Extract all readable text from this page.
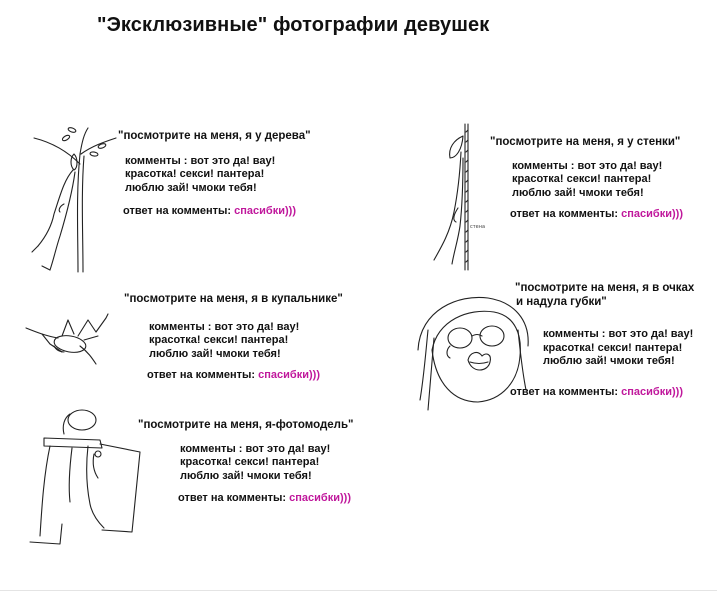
"Эксклюзивные" фотографии девушек
"посмотрите на меня, я у дерева"
комменты : вот это да! вау!
красотка! секси! пантера!
люблю зай! чмоки тебя!
ответ на комменты: спасибки)))
стена
"посмотрите на меня, я у стенки"
комменты : вот это да! вау!
красотка! секси! пантера!
люблю зай! чмоки тебя!
ответ на комменты: спасибки)))
"посмотрите на меня, я в купальнике"
комменты : вот это да! вау!
красотка! секси! пантера!
люблю зай! чмоки тебя!
ответ на комменты: спасибки)))
"посмотрите на меня, я в очках
и надула губки"
комменты : вот это да! вау!
красотка! секси! пантера!
люблю зай! чмоки тебя!
ответ на комменты: спасибки)))
"посмотрите на меня, я-фотомодель"
комменты : вот это да! вау!
красотка! секси! пантера!
люблю зай! чмоки тебя!
ответ на комменты: спасибки)))
